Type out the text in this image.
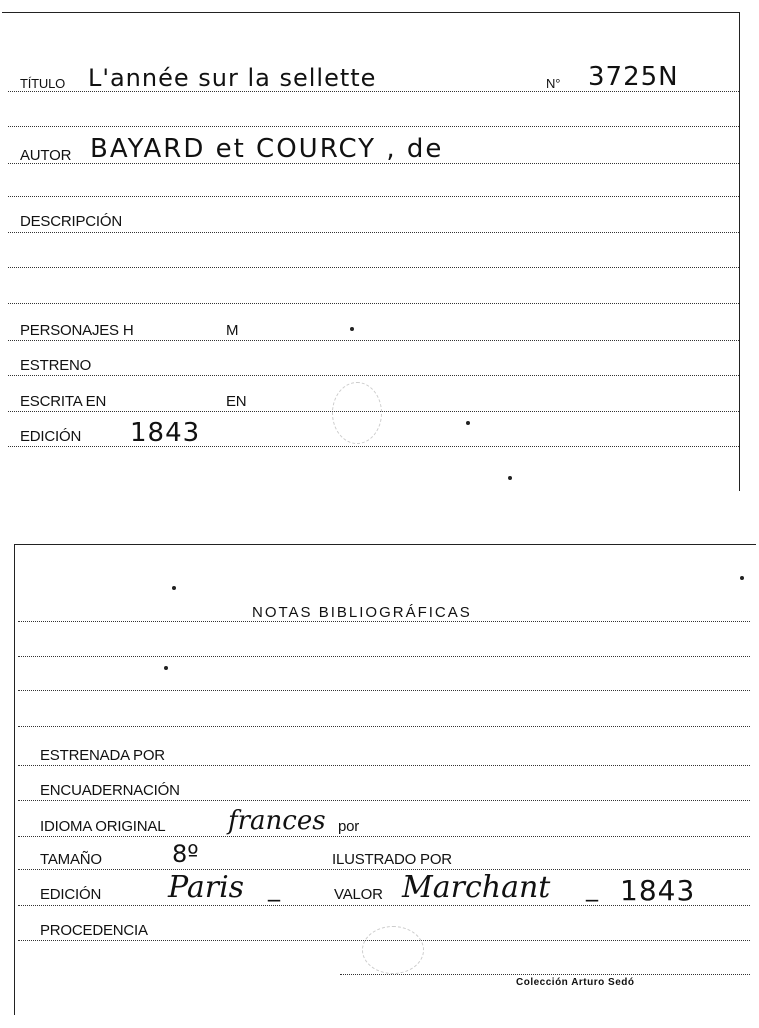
TÍTULO L'année sur la sellette	N° 3725N
AUTOR BAYARD et COURCY , de
DESCRIPCIÓN
PERSONAJES H	M
ESTRENO
ESCRITA EN	EN
EDICIÓN 1843
NOTAS BIBLIOGRÁFICAS
ESTRENADA POR
ENCUADERNACIÓN
IDIOMA ORIGINAL frances por
TAMAÑO	8º	ILUSTRADO POR
EDICIÓN Paris _	VALOR Marchant _ 1843
PROCEDENCIA
Colección Arturo Sedó
